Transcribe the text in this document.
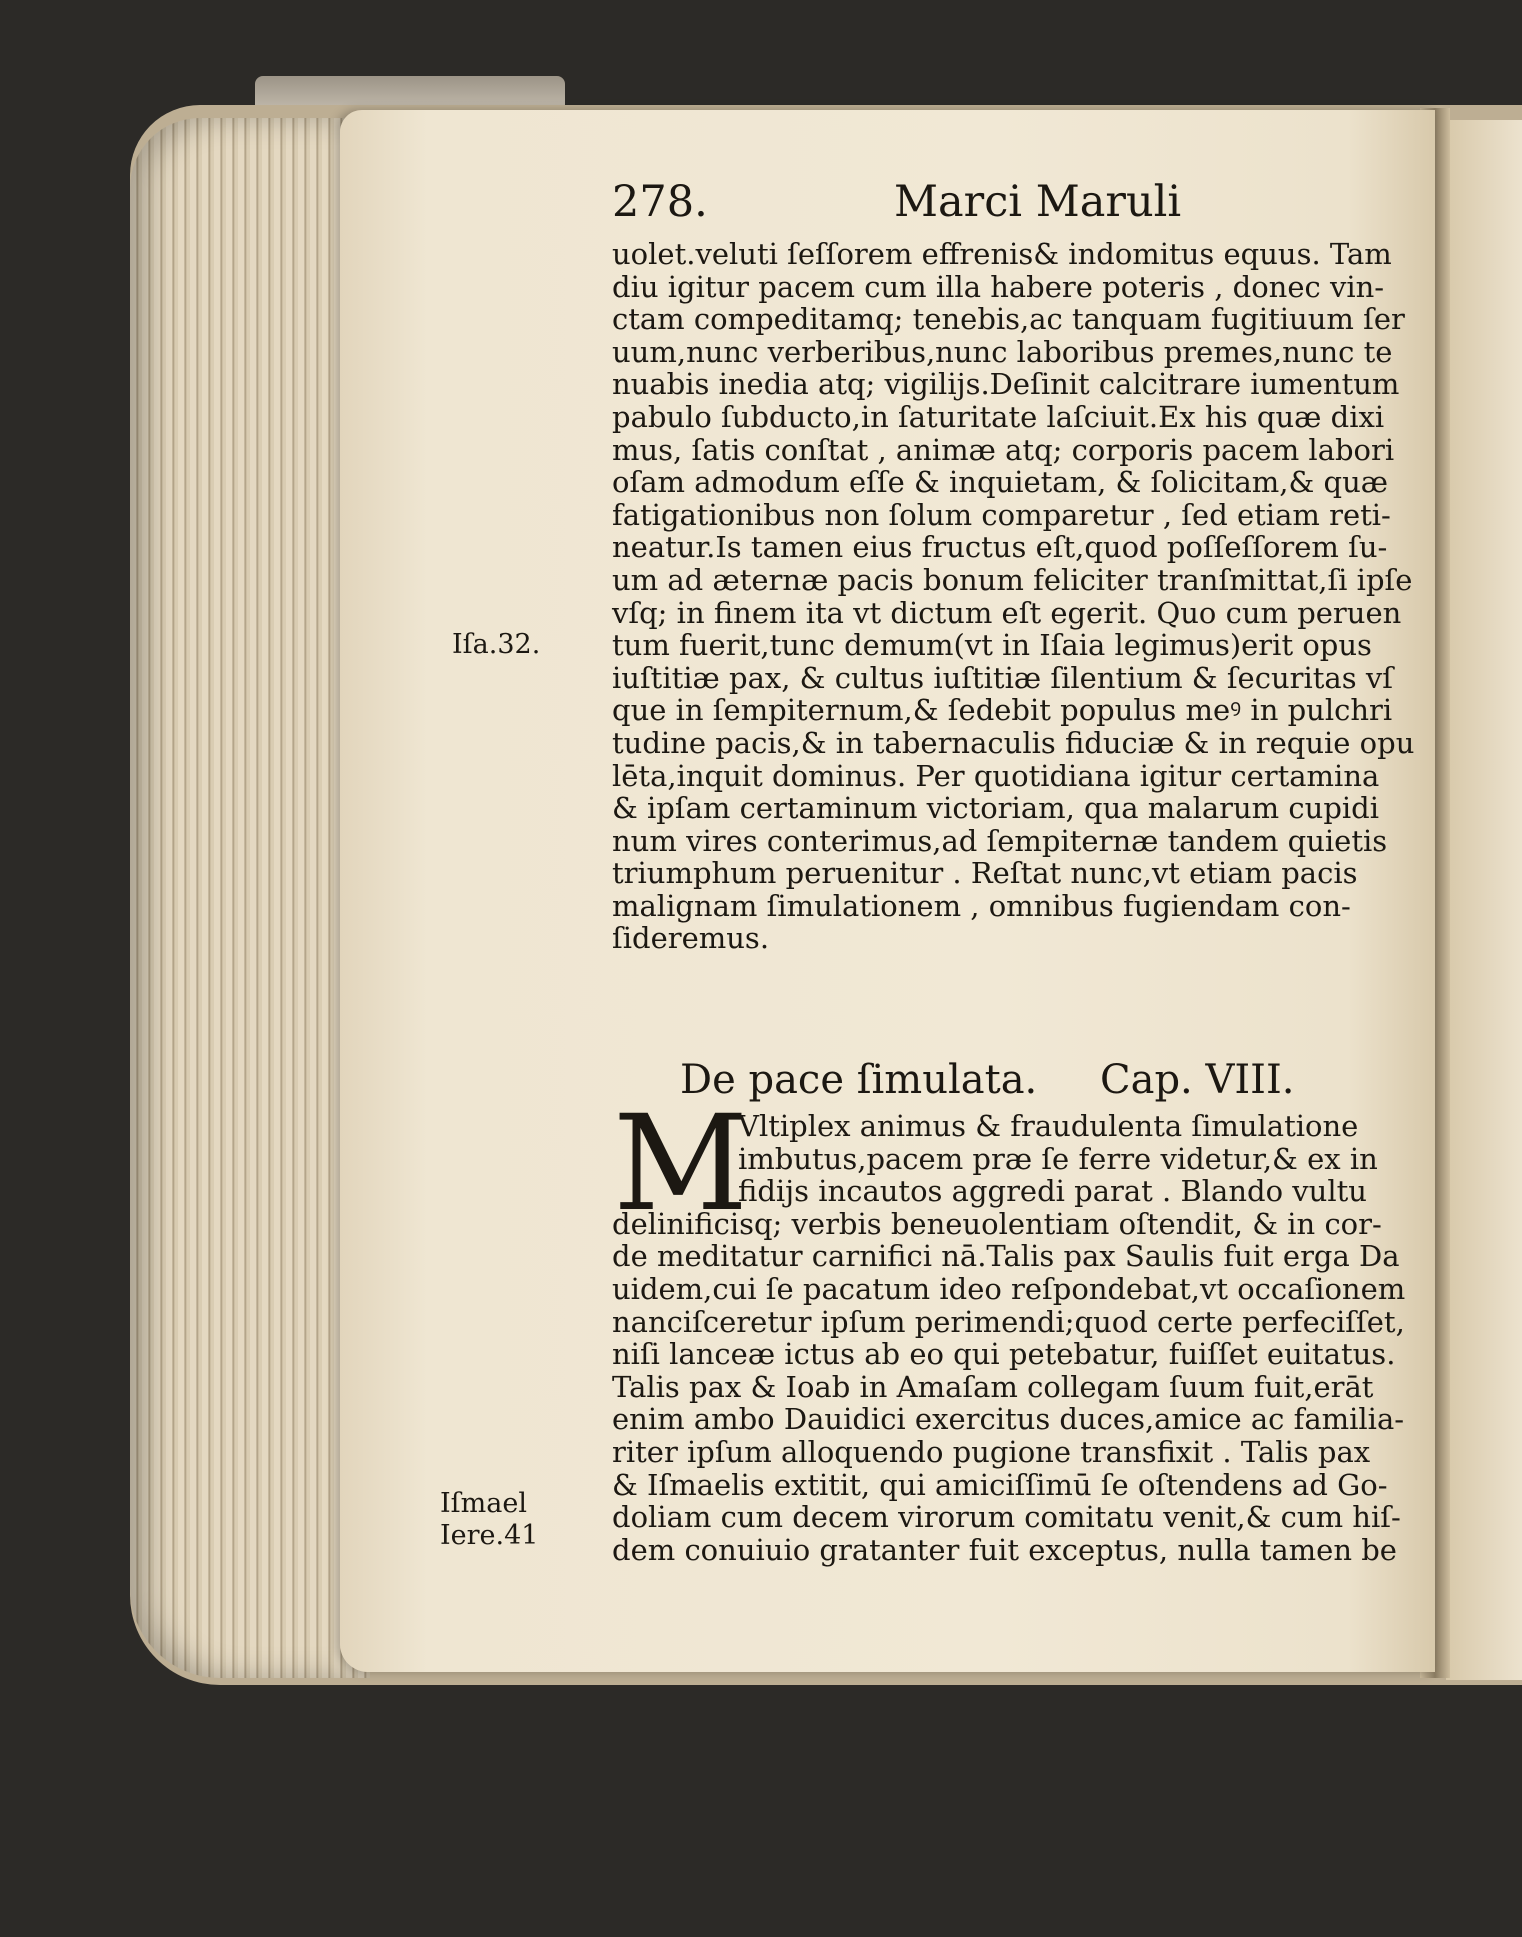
278.	Marci Maruli
uolet.veluti ſeſſorem effrenis& indomitus equus. Tam
diu igitur pacem cum illa habere poteris , donec vin-
ctam compeditamq; tenebis,ac tanquam fugitiuum ſer
uum,nunc verberibus,nunc laboribus premes,nunc te
nuabis inedia atq; vigilijs.Deſinit calcitrare iumentum
pabulo ſubducto,in ſaturitate laſciuit.Ex his quæ dixi
mus, ſatis conſtat , animæ atq; corporis pacem labori
oſam admodum eſſe & inquietam, & ſolicitam,& quæ
fatigationibus non ſolum comparetur , ſed etiam reti-
neatur.Is tamen eius fructus eſt,quod poſſeſſorem ſu-
um ad æternæ pacis bonum feliciter tranſmittat,ſi ipſe
vſq; in finem ita vt dictum eſt egerit. Quo cum peruen
tum fuerit,tunc demum(vt in Iſaia legimus)erit opus
iuſtitiæ pax, & cultus iuſtitiæ ſilentium & ſecuritas vſ
que in ſempiternum,& ſedebit populus meꝰ in pulchri
tudine pacis,& in tabernaculis fiduciæ & in requie opu
lēta,inquit dominus. Per quotidiana igitur certamina
& ipſam certaminum victoriam, qua malarum cupidi
num vires conterimus,ad ſempiternæ tandem quietis
triumphum peruenitur . Reſtat nunc,vt etiam pacis
malignam ſimulationem , omnibus fugiendam con-
ſideremus.
De pace ſimulata. Cap. VIII.
M
Vltiplex animus & fraudulenta ſimulatione
imbutus,pacem præ ſe ferre videtur,& ex in
fidijs incautos aggredi parat . Blando vultu
delinificisq; verbis beneuolentiam oſtendit, & in cor-
de meditatur carnifici nā.Talis pax Saulis fuit erga Da
uidem,cui ſe pacatum ideo reſpondebat,vt occaſionem
nanciſceretur ipſum perimendi;quod certe perfeciſſet,
niſi lanceæ ictus ab eo qui petebatur, fuiſſet euitatus.
Talis pax & Ioab in Amaſam collegam ſuum fuit,erāt
enim ambo Dauidici exercitus duces,amice ac familia-
riter ipſum alloquendo pugione transfixit . Talis pax
& Iſmaelis extitit, qui amiciſſimū ſe oſtendens ad Go-
doliam cum decem virorum comitatu venit,& cum hiſ-
dem conuiuio gratanter fuit exceptus, nulla tamen be
Iſa.32.
Iſmael
Iere.41
